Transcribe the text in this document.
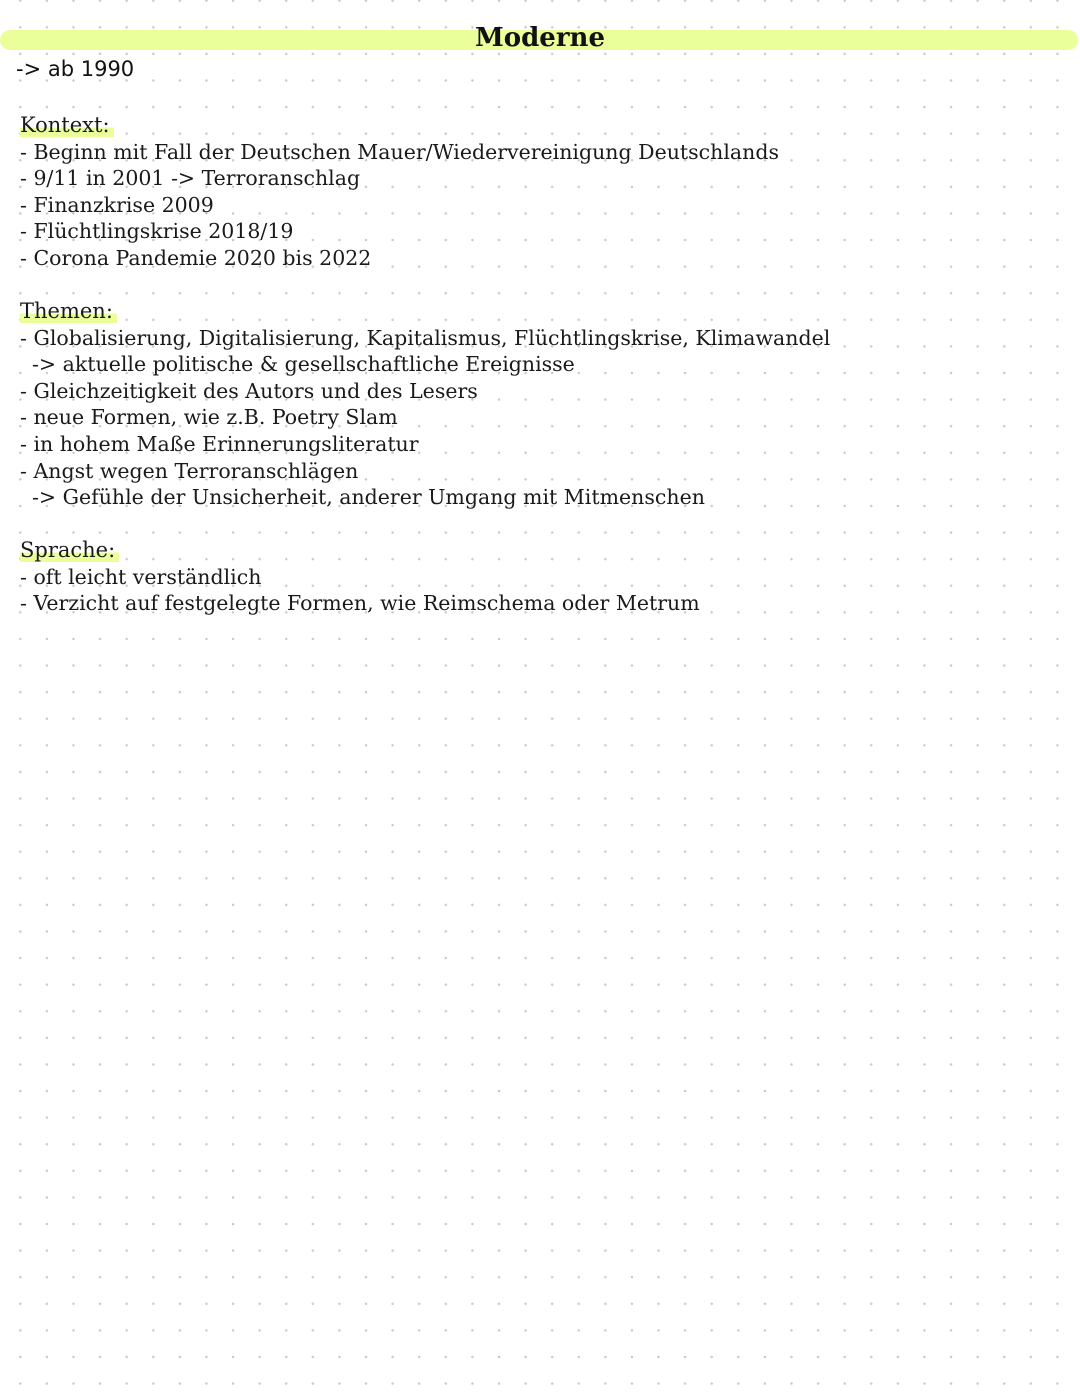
Moderne
-> ab 1990
Kontext:
- Beginn mit Fall der Deutschen Mauer/Wiedervereinigung Deutschlands
- 9/11 in 2001 -> Terroranschlag
- Finanzkrise 2009
- Flüchtlingskrise 2018/19
- Corona Pandemie 2020 bis 2022
Themen:
- Globalisierung, Digitalisierung, Kapitalismus, Flüchtlingskrise, Klimawandel
-> aktuelle politische & gesellschaftliche Ereignisse
- Gleichzeitigkeit des Autors und des Lesers
- neue Formen, wie z.B. Poetry Slam
- in hohem Maße Erinnerungsliteratur
- Angst wegen Terroranschlägen
-> Gefühle der Unsicherheit, anderer Umgang mit Mitmenschen
Sprache:
- oft leicht verständlich
- Verzicht auf festgelegte Formen, wie Reimschema oder Metrum
